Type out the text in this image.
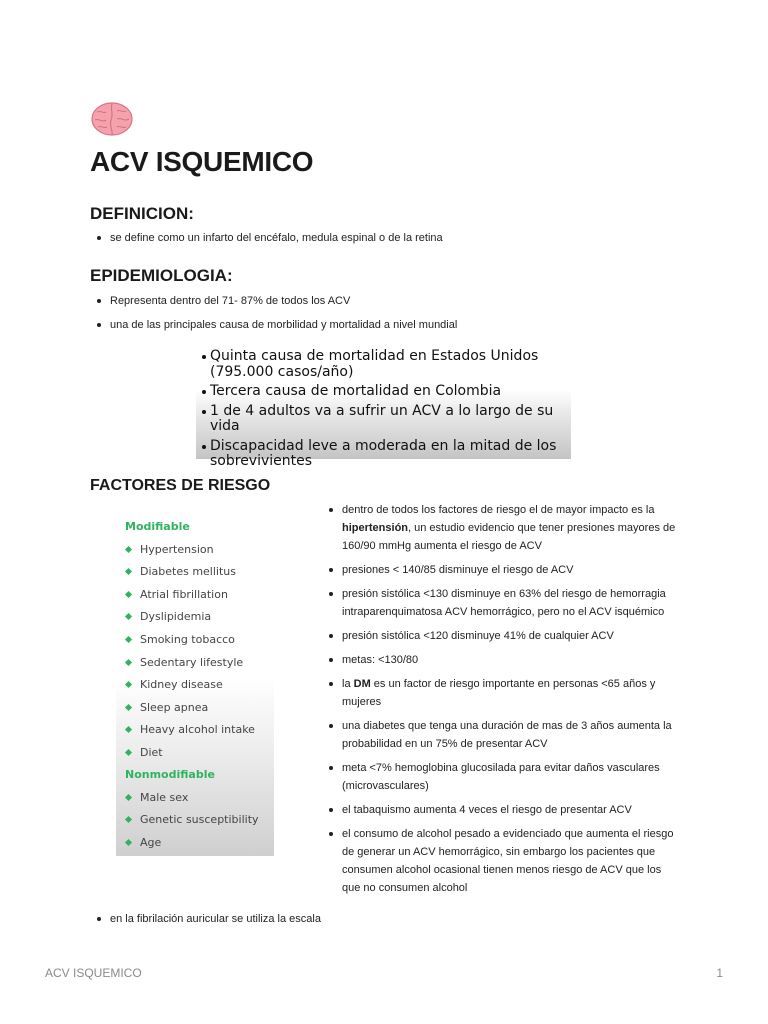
ACV ISQUEMICO
DEFINICION:
se define como un infarto del encéfalo, medula espinal o de la retina
EPIDEMIOLOGIA:
Representa dentro del 71- 87% de todos los ACV
una de las principales causa de morbilidad y mortalidad a nivel mundial
Quinta causa de mortalidad en Estados Unidos (795.000 casos/año)
Tercera causa de mortalidad en Colombia
1 de 4 adultos va a sufrir un ACV a lo largo de su vida
Discapacidad leve a moderada en la mitad de los sobrevivientes
FACTORES DE RIESGO
Modifiable
Hypertension
Diabetes mellitus
Atrial fibrillation
Dyslipidemia
Smoking tobacco
Sedentary lifestyle
Kidney disease
Sleep apnea
Heavy alcohol intake
Diet
Nonmodifiable
Male sex
Genetic susceptibility
Age
dentro de todos los factores de riesgo el de mayor impacto es la hipertensión, un estudio evidencio que tener presiones mayores de 160/90 mmHg aumenta el riesgo de ACV
presiones < 140/85 disminuye el riesgo de ACV
presión sistólica <130 disminuye en 63% del riesgo de hemorragia intraparenquimatosa ACV hemorrágico, pero no el ACV isquémico
presión sistólica <120 disminuye 41% de cualquier ACV
metas: <130/80
la DM es un factor de riesgo importante en personas <65 años y mujeres
una diabetes que tenga una duración de mas de 3 años aumenta la probabilidad en un 75% de presentar ACV
meta <7% hemoglobina glucosilada para evitar daños vasculares (microvasculares)
el tabaquismo aumenta 4 veces el riesgo de presentar ACV
el consumo de alcohol pesado a evidenciado que aumenta el riesgo de generar un ACV hemorrágico, sin embargo los pacientes que consumen alcohol ocasional tienen menos riesgo de ACV que los que no consumen alcohol
en la fibrilación auricular se utiliza la escala
ACV ISQUEMICO	1
